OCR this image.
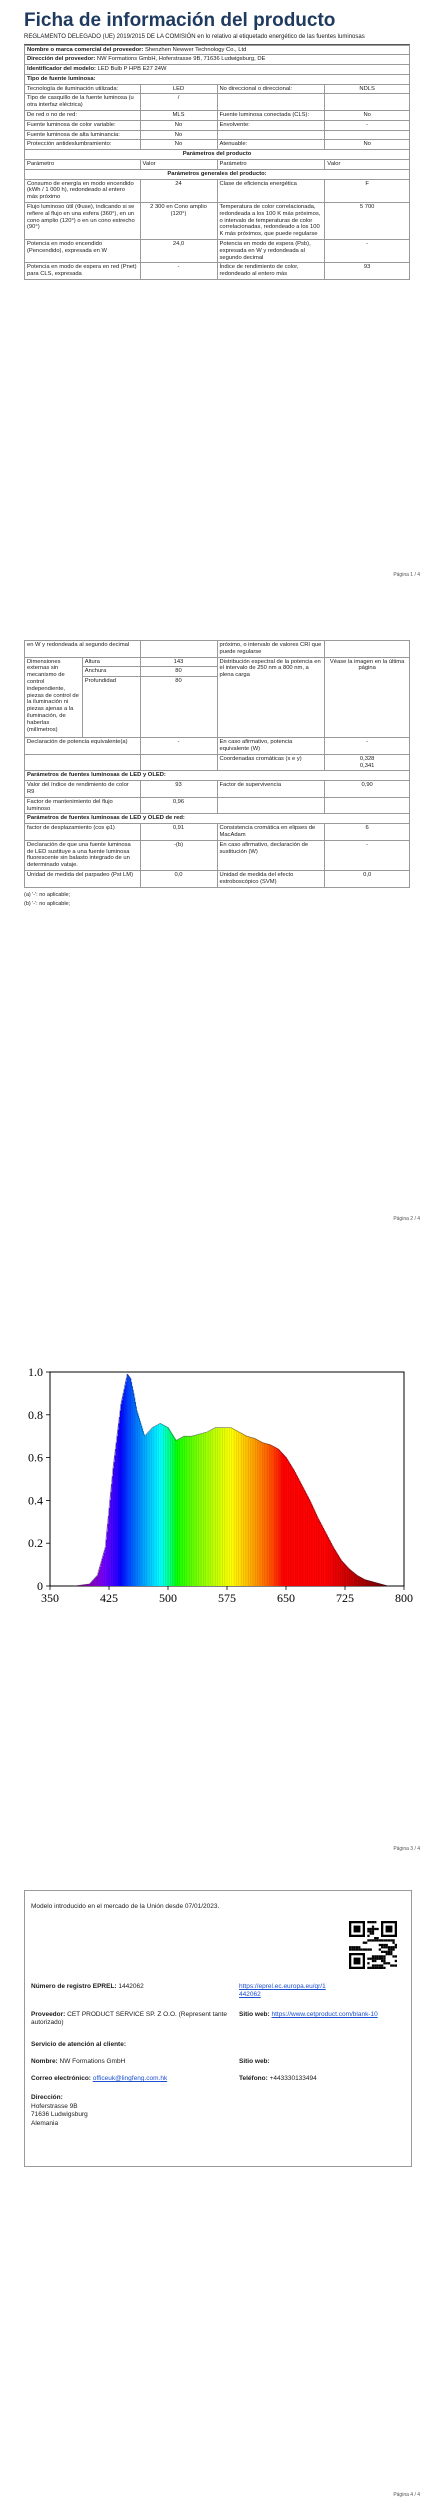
Ficha de información del producto
REGLAMENTO DELEGADO (UE) 2019/2015 DE LA COMISIÓN en lo relativo al etiquetado energético de las fuentes luminosas
Nombre o marca comercial del proveedor: Shenzhen Newwer Technology Co., Ltd			
Dirección del proveedor: NW Formations GmbH, Hoferstrasse 9B, 71636 Ludwigsburg, DE			
Identificador del modelo: LED Bulb P HPB E27 24W			
Tipo de fuente luminosa:			
Tecnología de iluminación utilizada:	LED	No direccional o direccional:	NDLS
Tipo de casquillo de la fuente luminosa (u otra interfaz eléctrica)	/		
De red o no de red:	MLS	Fuente luminosa conectada (CLS):	No
Fuente luminosa de color variable:	No	Envolvente:	-
Fuente luminosa de alta luminancia:	No		
Protección antideslumbramiento:	No	Atenuable:	No
Parámetros del producto			
Parámetro	Valor	Parámetro	Valor
Parámetros generales del producto:			
Consumo de energía en modo encendido (kWh / 1 000 h), redondeado al entero más próximo	24	Clase de eficiencia energética	F
Flujo luminoso útil (Φuse), indicando si se refiere al flujo en una esfera (360°), en un cono amplio (120°) o en un cono estrecho (90°)	2 300 en Cono amplio (120°)	Temperatura de color correlacionada, redondeada a los 100 K más próximos, o intervalo de temperaturas de color correlacionadas, redondeado a los 100 K más próximos, que puede regularse	5 700
Potencia en modo encendido (Pencendido), expresada en W	24,0	Potencia en modo de espera (Psb), expresada en W y redondeada al segundo decimal	-
Potencia en modo de espera en red (Pnet) para CLS, expresada	-	Índice de rendimiento de color, redondeado al entero más	93
Página 1 / 4
en W y redondeada al segundo decimal			próximo, o intervalo de valores CRI que puede regularse	
Dimensiones externas sin mecanismo de control independiente, piezas de control de la iluminación ni piezas ajenas a la iluminación, de haberlas (milímetros)	Altura	143	Distribución espectral de la potencia en el intervalo de 250 nm a 800 nm, a plena carga	Véase la imagen en la última página
	Anchura	80		
	Profundidad	80		
Declaración de potencia equivalente(a)		-	En caso afirmativo, potencia equivalente (W)	-
			Coordenadas cromáticas (x e y)	0,328
0,341

Parámetros de fuentes luminosas de LED y OLED:				
Valor del índice de rendimiento de color R9		93	Factor de supervivencia	0,90
Factor de mantenimiento del flujo luminoso		0,96		
Parámetros de fuentes luminosas de LED y OLED de red:				
factor de desplazamiento (cos φ1)		0,91	Consistencia cromática en elipses de MacAdam	6
Declaración de que una fuente luminosa de LED sustituye a una fuente luminosa fluorescente sin balasto integrado de un determinado vataje.		-(b)	En caso afirmativo, declaración de sustitución (W)	-
Unidad de medida del parpadeo (Pst LM)		0,0	Unidad de medida del efecto estroboscópico (SVM)	0,0
(a) '-': no aplicable;
(b) '-': no aplicable;
Página 2 / 4
350	425	500	575	650	725	800
0
0.2
0.4
0.6
0.8
1.0
Página 3 / 4
Modelo introducido en el mercado de la Unión desde 07/01/2023.
Número de registro EPREL: 1442062	https://eprel.ec.europa.eu/qr/1442062
Proveedor: CET PRODUCT SERVICE SP. Z O.O. (Represent tante autorizado)
Sitio web: https://www.cetproduct.com/blank-10
Servicio de atención al cliente:
Nombre: NW Formations GmbH	Sitio web:
Correo electrónico: officeuk@lingfeng.com.hk	Teléfono: +443330133494
Dirección:
Hoferstrasse 9B
71636 Ludwigsburg
Alemania
Página 4 / 4
